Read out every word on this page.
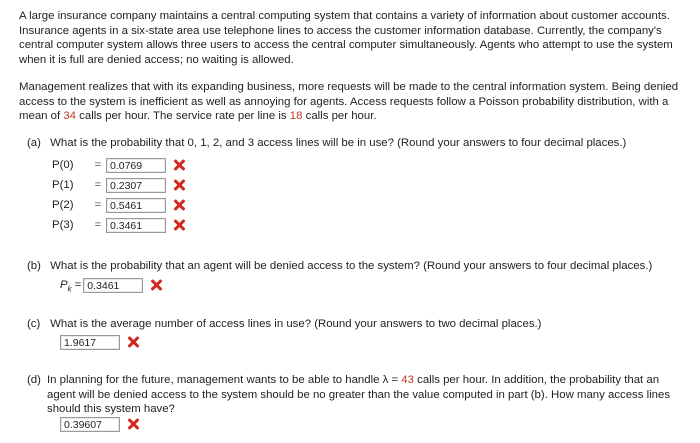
A large insurance company maintains a central computing system that contains a variety of information about customer accounts. Insurance agents in a six-state area use telephone lines to access the customer information database. Currently, the company's central computer system allows three users to access the central computer simultaneously. Agents who attempt to use the system when it is full are denied access; no waiting is allowed.
Management realizes that with its expanding business, more requests will be made to the central information system. Being denied access to the system is inefficient as well as annoying for agents. Access requests follow a Poisson probability distribution, with a mean of 34 calls per hour. The service rate per line is 18 calls per hour.
(a) What is the probability that 0, 1, 2, and 3 access lines will be in use? (Round your answers to four decimal places.)
P(0)	= 0.0769
P(1)	= 0.2307
P(2)	= 0.5461
P(3)	= 0.3461
(b) What is the probability that an agent will be denied access to the system? (Round your answers to four decimal places.)
$P_k = 0.3461$
(c) What is the average number of access lines in use? (Round your answers to two decimal places.)
1.9617
(d) In planning for the future, management wants to be able to handle λ = 43 calls per hour. In addition, the probability that an agent will be denied access to the system should be no greater than the value computed in part (b). How many access lines should this system have?
0.39607
